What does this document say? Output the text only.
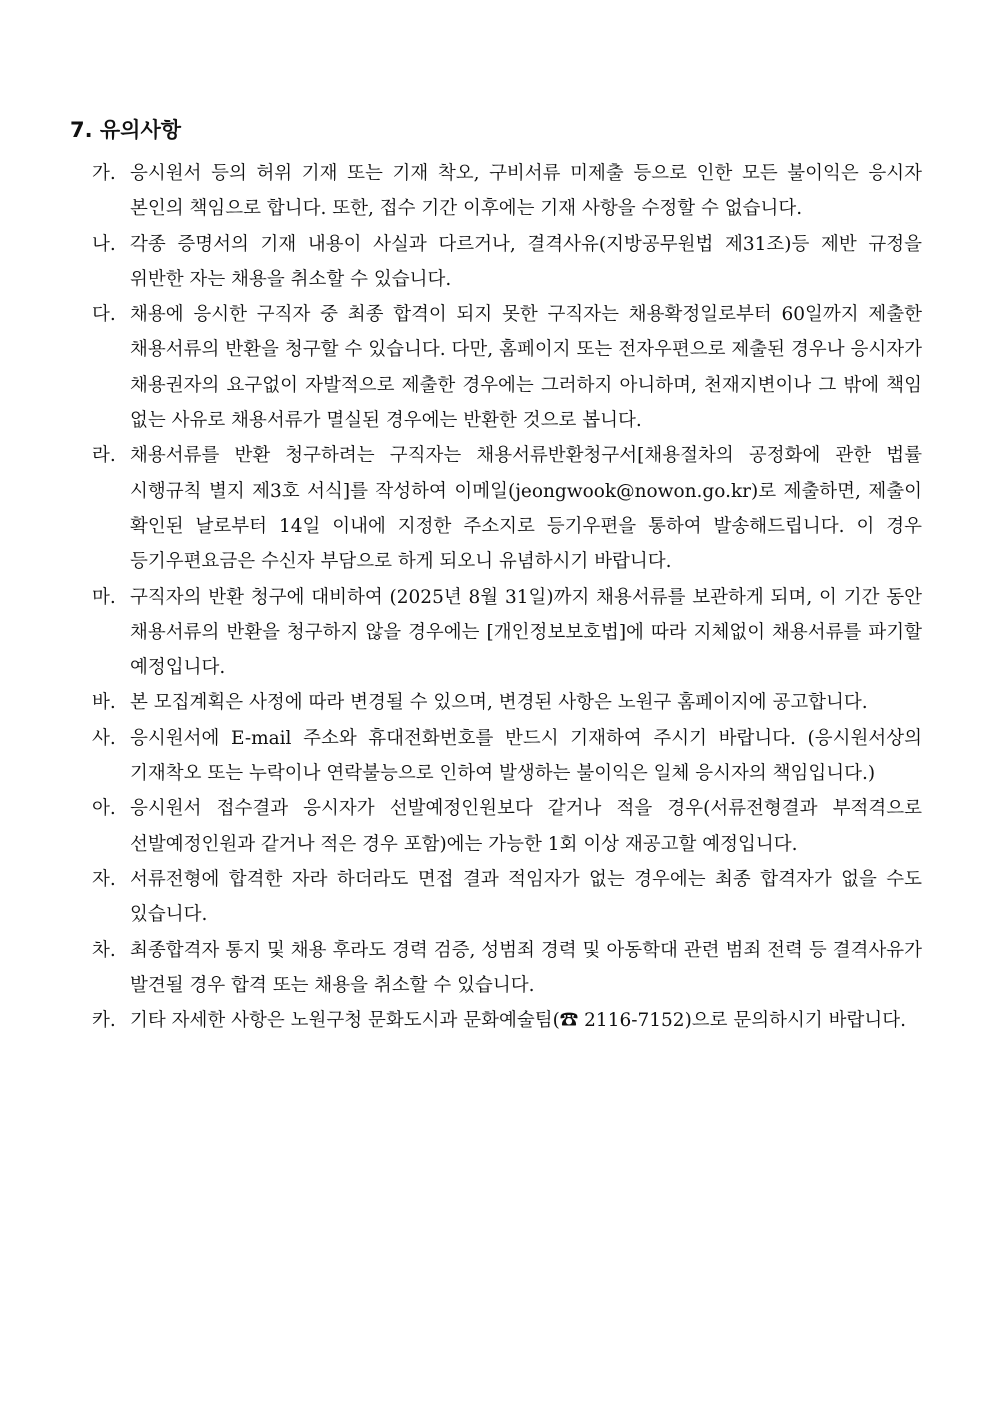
7. 유의사항
가. 응시원서 등의 허위 기재 또는 기재 착오, 구비서류 미제출 등으로 인한 모든 불이익은 응시자 본인의 책임으로 합니다. 또한, 접수 기간 이후에는 기재 사항을 수정할 수 없습니다.
나. 각종 증명서의 기재 내용이 사실과 다르거나, 결격사유(지방공무원법 제31조)등 제반 규정을 위반한 자는 채용을 취소할 수 있습니다.
다. 채용에 응시한 구직자 중 최종 합격이 되지 못한 구직자는 채용확정일로부터 60일까지 제출한 채용서류의 반환을 청구할 수 있습니다. 다만, 홈페이지 또는 전자우편으로 제출된 경우나 응시자가 채용권자의 요구없이 자발적으로 제출한 경우에는 그러하지 아니하며, 천재지변이나 그 밖에 책임 없는 사유로 채용서류가 멸실된 경우에는 반환한 것으로 봅니다.
라. 채용서류를 반환 청구하려는 구직자는 채용서류반환청구서[채용절차의 공정화에 관한 법률 시행규칙 별지 제3호 서식]를 작성하여 이메일(jeongwook@nowon.go.kr)로 제출하면, 제출이 확인된 날로부터 14일 이내에 지정한 주소지로 등기우편을 통하여 발송해드립니다. 이 경우 등기우편요금은 수신자 부담으로 하게 되오니 유념하시기 바랍니다.
마. 구직자의 반환 청구에 대비하여 (2025년 8월 31일)까지 채용서류를 보관하게 되며, 이 기간 동안 채용서류의 반환을 청구하지 않을 경우에는 [개인정보보호법]에 따라 지체없이 채용서류를 파기할 예정입니다.
바. 본 모집계획은 사정에 따라 변경될 수 있으며, 변경된 사항은 노원구 홈페이지에 공고합니다.
사. 응시원서에 E-mail 주소와 휴대전화번호를 반드시 기재하여 주시기 바랍니다. (응시원서상의 기재착오 또는 누락이나 연락불능으로 인하여 발생하는 불이익은 일체 응시자의 책임입니다.)
아. 응시원서 접수결과 응시자가 선발예정인원보다 같거나 적을 경우(서류전형결과 부적격으로 선발예정인원과 같거나 적은 경우 포함)에는 가능한 1회 이상 재공고할 예정입니다.
자. 서류전형에 합격한 자라 하더라도 면접 결과 적임자가 없는 경우에는 최종 합격자가 없을 수도 있습니다.
차. 최종합격자 통지 및 채용 후라도 경력 검증, 성범죄 경력 및 아동학대 관련 범죄 전력 등 결격사유가 발견될 경우 합격 또는 채용을 취소할 수 있습니다.
카. 기타 자세한 사항은 노원구청 문화도시과 문화예술팀(☎ 2116-7152)으로 문의하시기 바랍니다.
